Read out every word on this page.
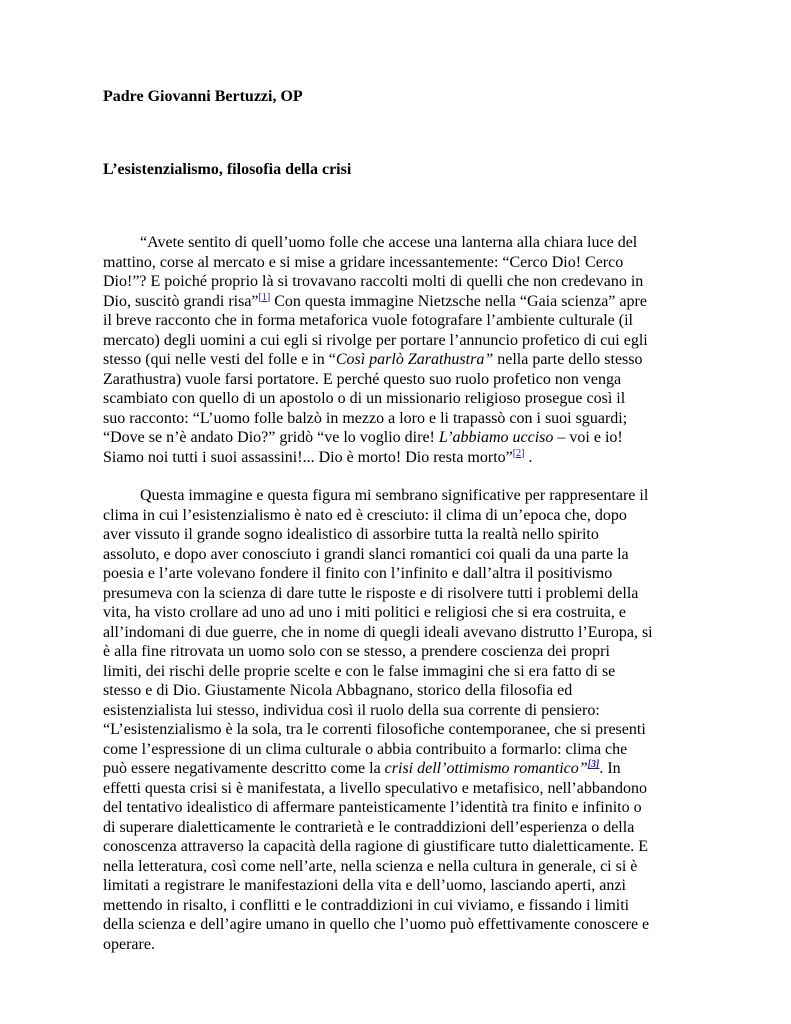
Padre Giovanni Bertuzzi, OP
L’esistenzialismo, filosofia della crisi
“Avete sentito di quell’uomo folle che accese una lanterna alla chiara luce del
mattino, corse al mercato e si mise a gridare incessantemente: “Cerco Dio! Cerco
Dio!”? E poiché proprio là si trovavano raccolti molti di quelli che non credevano in
Dio, suscitò grandi risa”[1] Con questa immagine Nietzsche nella “Gaia scienza” apre
il breve racconto che in forma metaforica vuole fotografare l’ambiente culturale (il
mercato) degli uomini a cui egli si rivolge per portare l’annuncio profetico di cui egli
stesso (qui nelle vesti del folle e in “Così parlò Zarathustra” nella parte dello stesso
Zarathustra) vuole farsi portatore. E perché questo suo ruolo profetico non venga
scambiato con quello di un apostolo o di un missionario religioso prosegue così il
suo racconto: “L’uomo folle balzò in mezzo a loro e li trapassò con i suoi sguardi;
“Dove se n’è andato Dio?” gridò “ve lo voglio dire! L’abbiamo ucciso – voi e io!
Siamo noi tutti i suoi assassini!... Dio è morto! Dio resta morto”[2] .
Questa immagine e questa figura mi sembrano significative per rappresentare il
clima in cui l’esistenzialismo è nato ed è cresciuto: il clima di un’epoca che, dopo
aver vissuto il grande sogno idealistico di assorbire tutta la realtà nello spirito
assoluto, e dopo aver conosciuto i grandi slanci romantici coi quali da una parte la
poesia e l’arte volevano fondere il finito con l’infinito e dall’altra il positivismo
presumeva con la scienza di dare tutte le risposte e di risolvere tutti i problemi della
vita, ha visto crollare ad uno ad uno i miti politici e religiosi che si era costruita, e
all’indomani di due guerre, che in nome di quegli ideali avevano distrutto l’Europa, si
è alla fine ritrovata un uomo solo con se stesso, a prendere coscienza dei propri
limiti, dei rischi delle proprie scelte e con le false immagini che si era fatto di se
stesso e di Dio. Giustamente Nicola Abbagnano, storico della filosofia ed
esistenzialista lui stesso, individua così il ruolo della sua corrente di pensiero:
“L’esistenzialismo è la sola, tra le correnti filosofiche contemporanee, che si presenti
come l’espressione di un clima culturale o abbia contribuito a formarlo: clima che
può essere negativamente descritto come la crisi dell’ottimismo romantico”[3]. In
effetti questa crisi si è manifestata, a livello speculativo e metafisico, nell’abbandono
del tentativo idealistico di affermare panteisticamente l’identità tra finito e infinito o
di superare dialetticamente le contrarietà e le contraddizioni dell’esperienza o della
conoscenza attraverso la capacità della ragione di giustificare tutto dialetticamente. E
nella letteratura, così come nell’arte, nella scienza e nella cultura in generale, ci si è
limitati a registrare le manifestazioni della vita e dell’uomo, lasciando aperti, anzi
mettendo in risalto, i conflitti e le contraddizioni in cui viviamo, e fissando i limiti
della scienza e dell’agire umano in quello che l’uomo può effettivamente conoscere e
operare.
